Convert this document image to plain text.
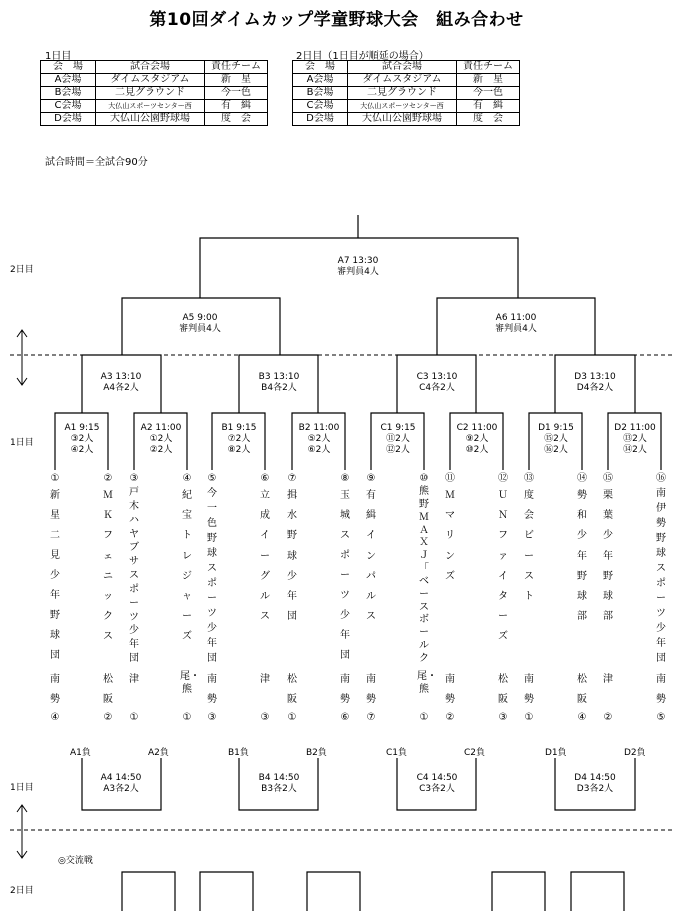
第10回ダイムカップ学童野球大会　組み合わせ
1日目
会　場	試合会場	責任チーム
A会場	ダイムスタジアム	新　星
B会場	二見グラウンド	今一色
C会場	大仏山スポーツセンター西	有　緝
D会場	大仏山公園野球場	度　会
2日目（1日目が順延の場合）
会　場	試合会場	責任チーム
A会場	ダイムスタジアム	新　星
B会場	二見グラウンド	今一色
C会場	大仏山スポーツセンター西	有　緝
D会場	大仏山公園野球場	度　会
試合時間＝全試合90分
2日目
1日目
1日目
2日目
A7 13:30
審判員4人
A5 9:00
審判員4人
A6 11:00
審判員4人
A3 13:10
A4各2人
B3 13:10
B4各2人
C3 13:10
C4各2人
D3 13:10
D4各2人
A1 9:15
③2人
④2人
A2 11:00
①2人
②2人
B1 9:15
⑦2人
⑧2人
B2 11:00
⑤2人
⑥2人
C1 9:15
⑪2人
⑫2人
C2 11:00
⑨2人
⑩2人
D1 9:15
⑮2人
⑯2人
D2 11:00
⑬2人
⑭2人
①
新
星
二
見
少
年
野
球
団
南勢
④
②
Ｍ
Ｋ
フ
ェ
ニ
ッ
ク
ス
松阪
②
③
戸
木
ハ
ヤ
ブ
サ
ス
ポ
ー
ツ
少
年
団
津
①
④
紀
宝
ト
レ
ジ
ャ
ー
ズ
尾・熊
①
⑤
今
一
色
野
球
ス
ポ
ー
ツ
少
年
団
南勢
③
⑥
立
成
イ
ー
グ
ル
ス
津
③
⑦
揖
水
野
球
少
年
団
松阪
①
⑧
玉
城
ス
ポ
ー
ツ
少
年
団
南勢
⑥
⑨
有
緝
イ
ン
パ
ル
ス
南勢
⑦
⑩
熊
野
Ｍ
Ａ
Ｘ
Ｊ
「
ベ
ー
ス
ボ
ー
ル
ク
尾・熊
①
⑪
Ｍ
マ
リ
ン
ズ
南勢
②
⑫
Ｕ
Ｎ
フ
ァ
イ
タ
ー
ズ
松阪
③
⑬
度
会
ビ
ー
ス
ト
南勢
①
⑭
勢
和
少
年
野
球
部
松阪
④
⑮
栗
葉
少
年
野
球
部
津
②
⑯
南
伊
勢
野
球
ス
ポ
ー
ツ
少
年
団
南勢
⑤
A1負	A2負	B1負	B2負	C1負	C2負	D1負	D2負
A4 14:50
A3各2人
B4 14:50
B3各2人
C4 14:50
C3各2人
D4 14:50
D3各2人
◎交流戦
